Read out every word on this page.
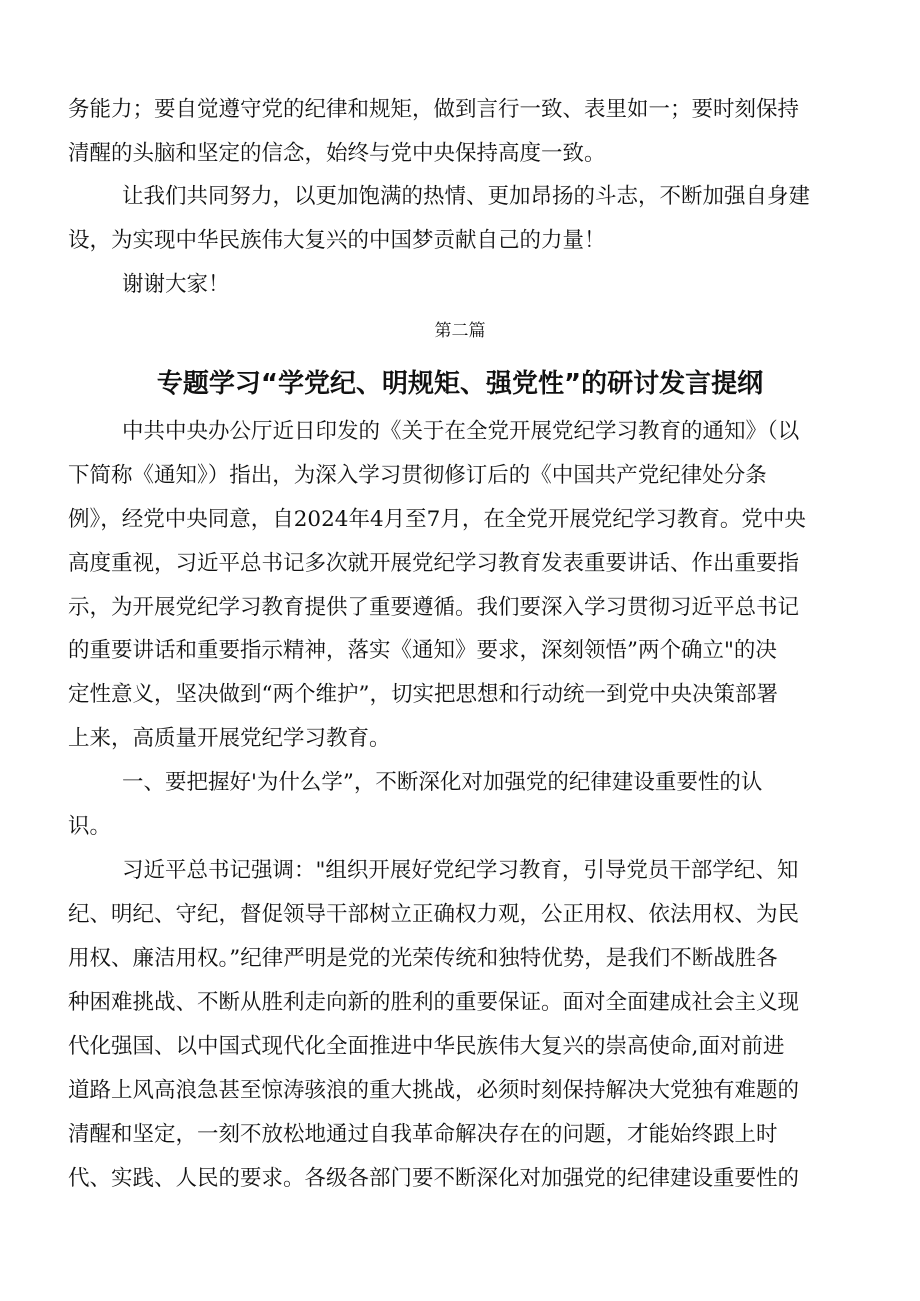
务能力；要自觉遵守党的纪律和规矩，做到言行一致、表里如一；要时刻保持
清醒的头脑和坚定的信念，始终与党中央保持高度一致。
让我们共同努力，以更加饱满的热情、更加昂扬的斗志，不断加强自身建
设，为实现中华民族伟大复兴的中国梦贡献自己的力量！
谢谢大家！
第二篇
专题学习“学党纪、明规矩、强党性”的研讨发言提纲
中共中央办公厅近日印发的《关于在全党开展党纪学习教育的通知》（以
下简称《通知》）指出，为深入学习贯彻修订后的《中国共产党纪律处分条
例》，经党中央同意，自2024年4月至7月，在全党开展党纪学习教育。党中央
高度重视，习近平总书记多次就开展党纪学习教育发表重要讲话、作出重要指
示，为开展党纪学习教育提供了重要遵循。我们要深入学习贯彻习近平总书记
的重要讲话和重要指示精神，落实《通知》要求，深刻领悟”两个确立"的决
定性意义，坚决做到“两个维护”，切实把思想和行动统一到党中央决策部署
上来，高质量开展党纪学习教育。
一、要把握好'为什么学”，不断深化对加强党的纪律建设重要性的认
识。
习近平总书记强调："组织开展好党纪学习教育，引导党员干部学纪、知
纪、明纪、守纪，督促领导干部树立正确权力观，公正用权、依法用权、为民
用权、廉洁用权。”纪律严明是党的光荣传统和独特优势，是我们不断战胜各
种困难挑战、不断从胜利走向新的胜利的重要保证。面对全面建成社会主义现
代化强国、以中国式现代化全面推进中华民族伟大复兴的崇高使命,面对前进
道路上风高浪急甚至惊涛骇浪的重大挑战，必须时刻保持解决大党独有难题的
清醒和坚定，一刻不放松地通过自我革命解决存在的问题，才能始终跟上时
代、实践、人民的要求。各级各部门要不断深化对加强党的纪律建设重要性的
